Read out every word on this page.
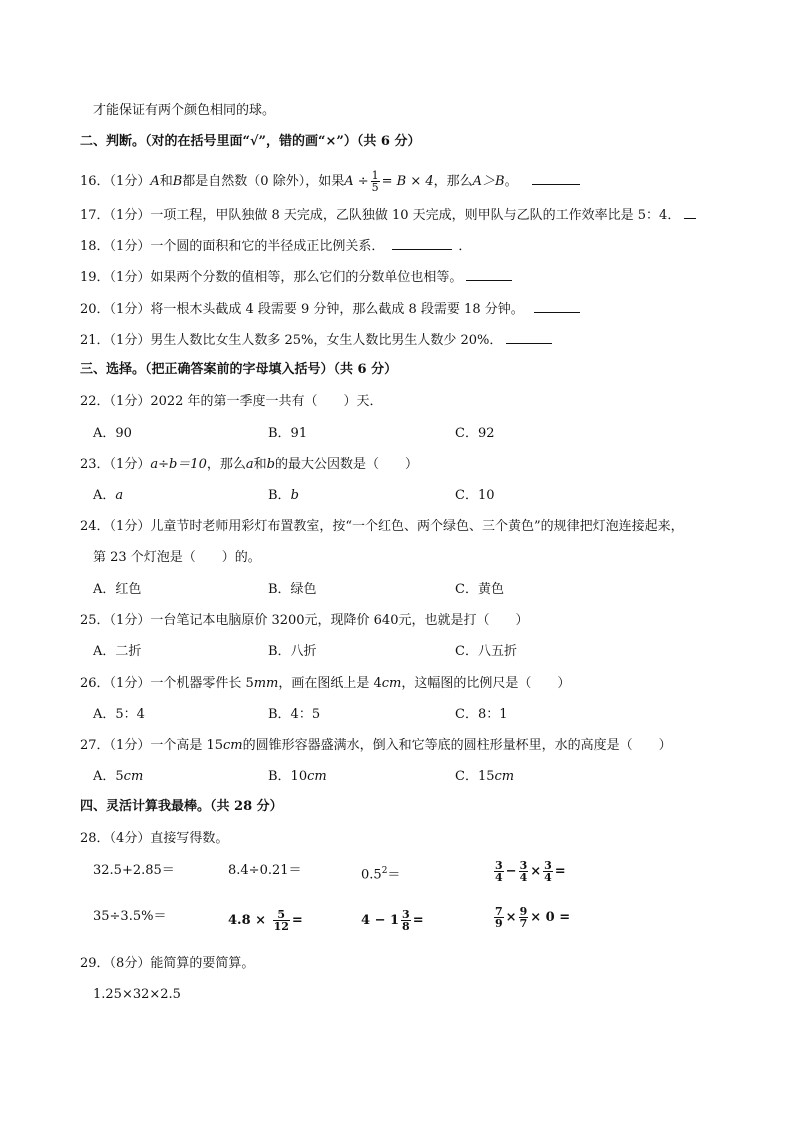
才能保证有两个颜色相同的球。
二、判断。（对的在括号里面“√”，错的画“×”）（共 6 分）
16．（1分）A和B都是自然数（0 除外），如果$A \div \frac{1}{5} = B \times 4$，那么A＞B。
17．（1分）一项工程，甲队独做 8 天完成，乙队独做 10 天完成，则甲队与乙队的工作效率比是 5：4．
18．（1分）一个圆的面积和它的半径成正比例关系．	．
19．（1分）如果两个分数的值相等，那么它们的分数单位也相等。
20．（1分）将一根木头截成 4 段需要 9 分钟，那么截成 8 段需要 18 分钟。
21．（1分）男生人数比女生人数多 25%，女生人数比男生人数少 20%．
三、选择。（把正确答案前的字母填入括号）（共 6 分）
22．（1分）2022 年的第一季度一共有（　　）天．
A．90	B．91	C．92
23．（1分）a÷b＝10，那么a和b的最大公因数是（　　）
A．a	B．b	C．10
24．（1分）儿童节时老师用彩灯布置教室，按“一个红色、两个绿色、三个黄色”的规律把灯泡连接起来，
第 23 个灯泡是（　　）的。
A．红色	B．绿色	C．黄色
25．（1分）一台笔记本电脑原价 3200元，现降价 640元，也就是打（　　）
A．二折	B．八折	C．八五折
26．（1分）一个机器零件长 5mm，画在图纸上是 4cm，这幅图的比例尺是（　　）
A．5：4	B．4：5	C．8：1
27．（1分）一个高是 15cm的圆锥形容器盛满水，倒入和它等底的圆柱形量杯里，水的高度是（　　）
A．5cm	B．10cm	C．15cm
四、灵活计算我最棒。（共 28 分）
28．（4分）直接写得数。
32.5+2.85＝	8.4÷0.21＝	$0.5^2=$	$\frac{3}{4} - \frac{3}{4} \times \frac{3}{4}$ =
35÷3.5%＝	$4.8 \times \frac{5}{12}$ =	$4 - 1 \frac{3}{8}$ =	$\frac{7}{9} \times \frac{9}{7} \times 0$ =
29．（8分）能简算的要简算。
1.25×32×2.5
